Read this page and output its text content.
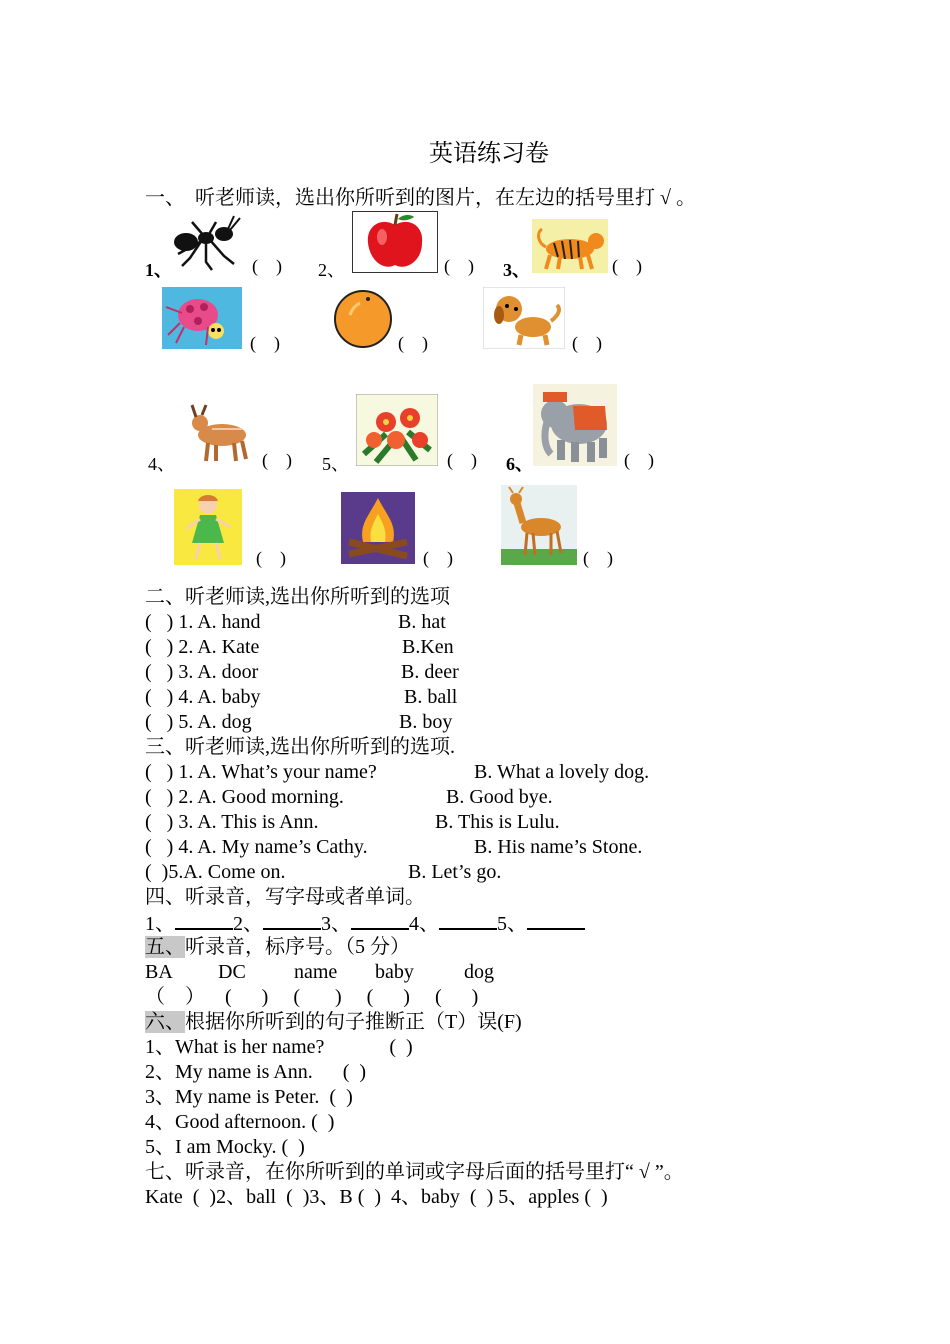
英语练习卷
一、  听老师读，选出你所听到的图片，在左边的括号里打 √ 。
1、	(    ) 2、	(    ) 3、	(    )
(    )	(    )	(    )
4、	(    ) 5、	(    ) 6、	(    )
(    )	(    )	(    )
二、听老师读,选出你所听到的选项
(   ) 1. A. hand	B. hat
(   ) 2. A. Kate	B.Ken
(   ) 3. A. door	B. deer
(   ) 4. A. baby	B. ball
(   ) 5. A. dog	B. boy
三、听老师读,选出你所听到的选项.
(   ) 1. A. What’s your name?	B. What a lovely dog.
(   ) 2. A. Good morning.	B. Good bye.
(   ) 3. A. This is Ann.	B. This is Lulu.
(   ) 4. A. My name’s Cathy.	B. His name’s Stone.
(  )5.A. Come on.	B. Let’s go.
四、听录音，写字母或者单词。
1、	2、	3、	4、	5、
五、听录音，标序号。（5 分）
BA DC name baby	dog
（    ）    (      )     (       )     (      )     (      )
六、根据你所听到的句子推断正（T）误(F)
1、What is her name?             (  )
2、My name is Ann.      (  )
3、My name is Peter.  (  )
4、Good afternoon. (  )
5、I am Mocky. (  )
七、听录音，在你所听到的单词或字母后面的括号里打“ √ ”。
Kate  (  )2、ball  (  )3、B (  )  4、baby  (  ) 5、apples (  )
